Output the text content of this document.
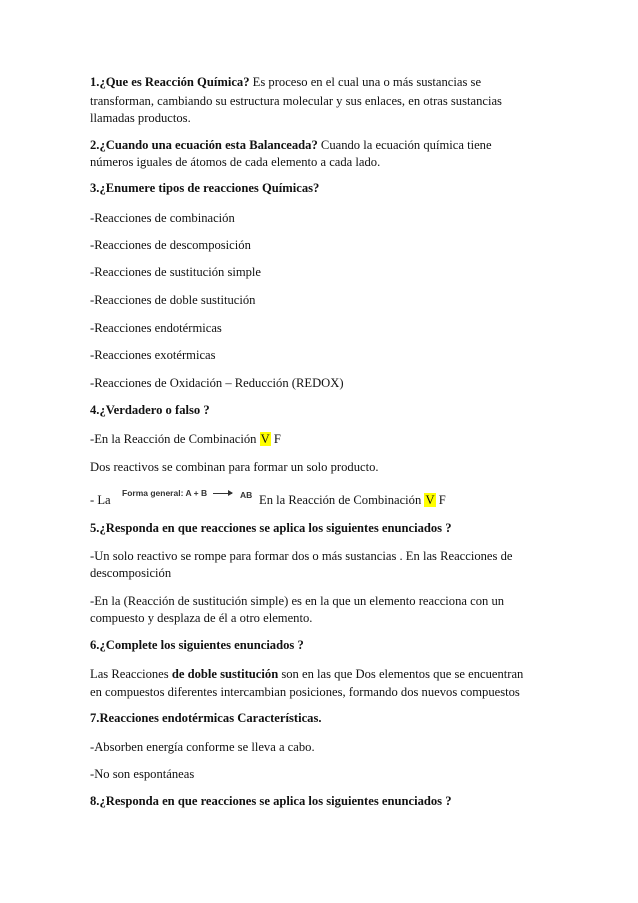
1.¿Que es Reacción Química? Es proceso en el cual una o más sustancias se
transforman, cambiando su estructura molecular y sus enlaces, en otras sustancias
llamadas productos.
2.¿Cuando una ecuación esta Balanceada? Cuando la ecuación química tiene
números iguales de átomos de cada elemento a cada lado.
3.¿Enumere tipos de reacciones Químicas?
-Reacciones de combinación
-Reacciones de descomposición
-Reacciones de sustitución simple
-Reacciones de doble sustitución
-Reacciones endotérmicas
-Reacciones exotérmicas
-Reacciones de Oxidación – Reducción (REDOX)
4.¿Verdadero o falso ?
-En la Reacción de Combinación V F
Dos reactivos se combinan para formar un solo producto.
- La Forma general: A + B → AB En la Reacción de Combinación V F
5.¿Responda en que reacciones se aplica los siguientes enunciados ?
-Un solo reactivo se rompe para formar dos o más sustancias . En las Reacciones de
descomposición
-En la (Reacción de sustitución simple) es en la que un elemento reacciona con un
compuesto y desplaza de él a otro elemento.
6.¿Complete los siguientes enunciados ?
Las Reacciones de doble sustitución son en las que Dos elementos que se encuentran
en compuestos diferentes intercambian posiciones, formando dos nuevos compuestos
7.Reacciones endotérmicas Características.
-Absorben energía conforme se lleva a cabo.
-No son espontáneas
8.¿Responda en que reacciones se aplica los siguientes enunciados ?
